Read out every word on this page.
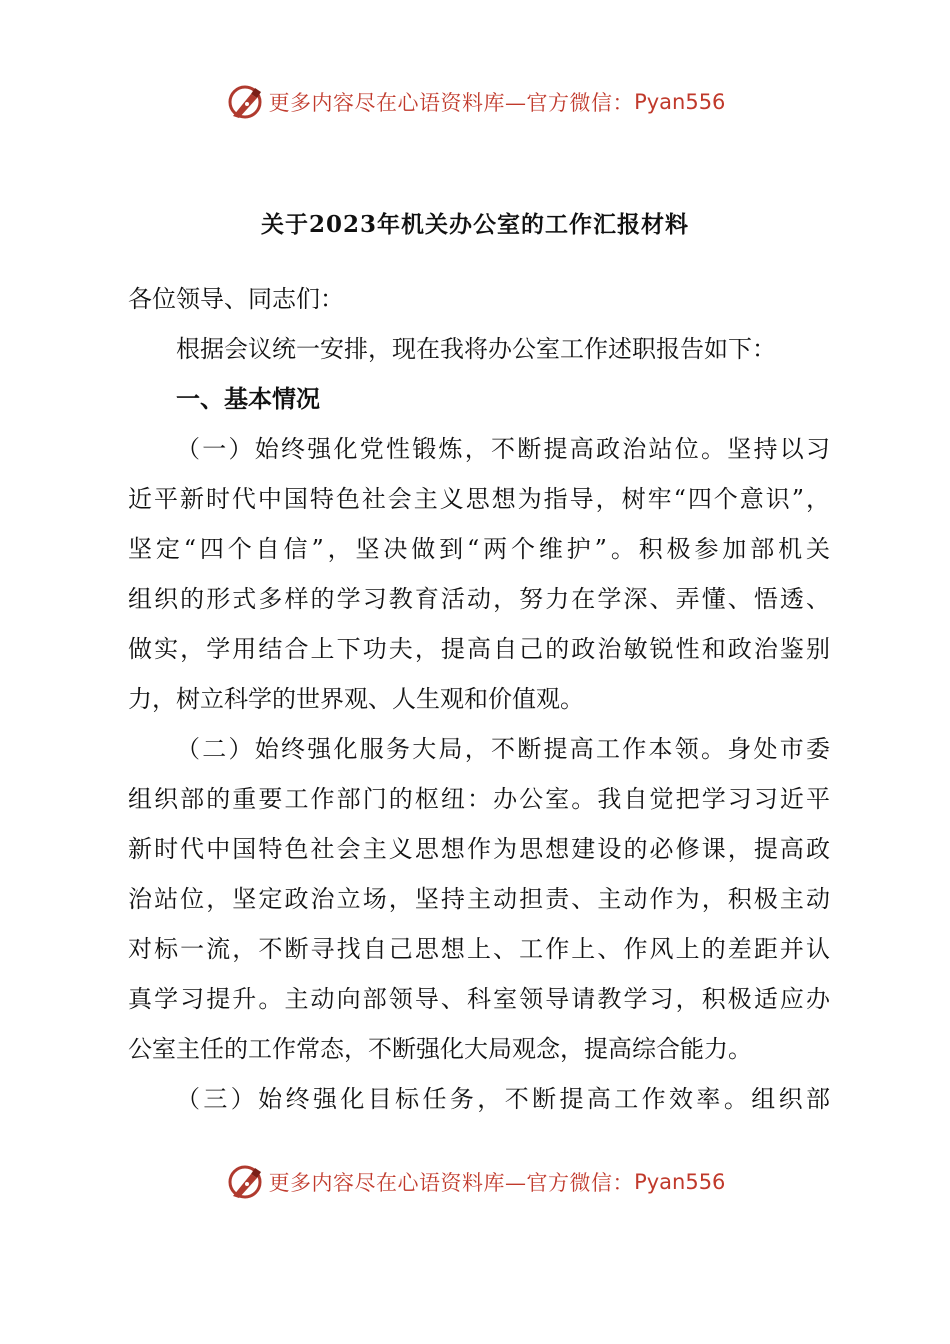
更多内容尽在心语资料库—官方微信： Pyan556
关于2023年机关办公室的工作汇报材料
各位领导、同志们：
根据会议统一安排，现在我将办公室工作述职报告如下：
一、基本情况
（一）始终强化党性锻炼，不断提高政治站位。坚持以习
近平新时代中国特色社会主义思想为指导，树牢“四个意识”，
坚定“四个自信”，坚决做到“两个维护”。积极参加部机关
组织的形式多样的学习教育活动，努力在学深、弄懂、悟透、
做实，学用结合上下功夫，提高自己的政治敏锐性和政治鉴别
力，树立科学的世界观、人生观和价值观。
（二）始终强化服务大局，不断提高工作本领。身处市委
组织部的重要工作部门的枢纽：办公室。我自觉把学习习近平
新时代中国特色社会主义思想作为思想建设的必修课，提高政
治站位，坚定政治立场，坚持主动担责、主动作为，积极主动
对标一流，不断寻找自己思想上、工作上、作风上的差距并认
真学习提升。主动向部领导、科室领导请教学习，积极适应办
公室主任的工作常态，不断强化大局观念，提高综合能力。
（三）始终强化目标任务，不断提高工作效率。组织部
更多内容尽在心语资料库—官方微信： Pyan556
